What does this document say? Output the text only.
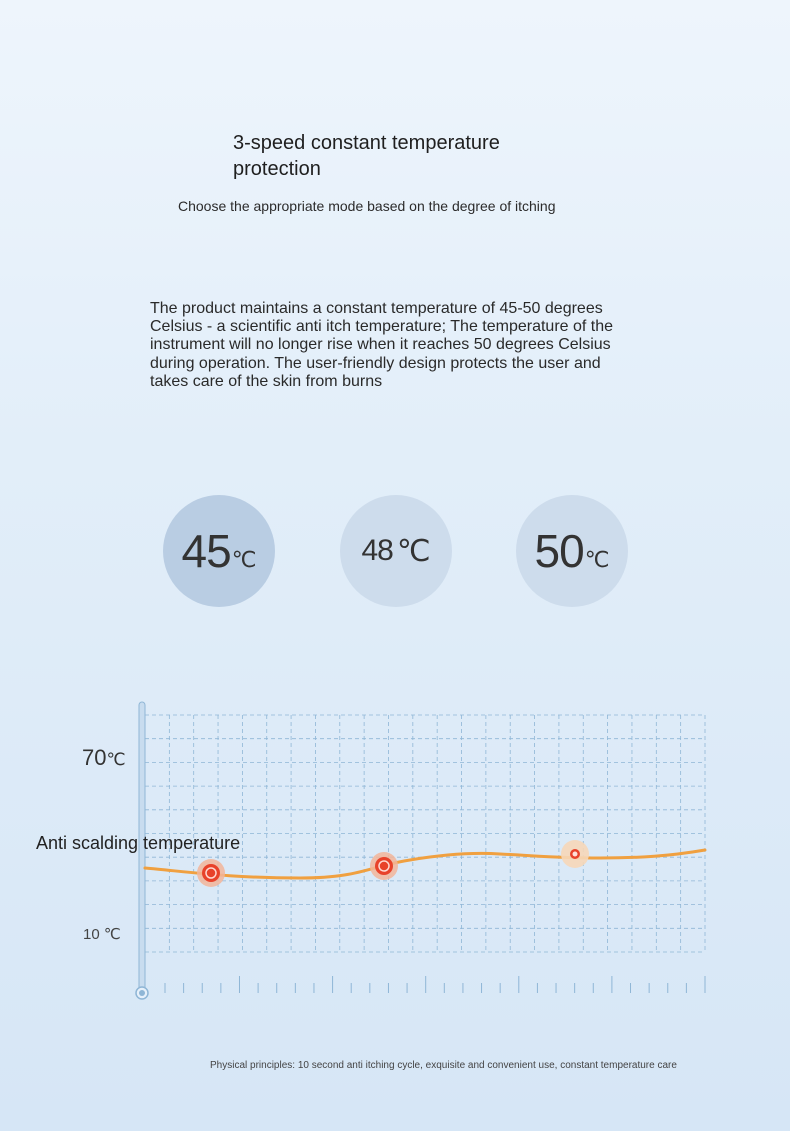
3-speed constant temperature protection

Choose the appropriate mode based on the degree of itching

The product maintains a constant temperature of 45-50 degrees Celsius - a scientific anti itch temperature; The temperature of the instrument will no longer rise when it reaches 50 degrees Celsius during operation. The user-friendly design protects the user and takes care of the skin from burns

45 ℃	48 ℃ 50 ℃
70℃
Anti scalding temperature
10 ℃

Physical principles: 10 second anti itching cycle, exquisite and convenient use, constant temperature care
